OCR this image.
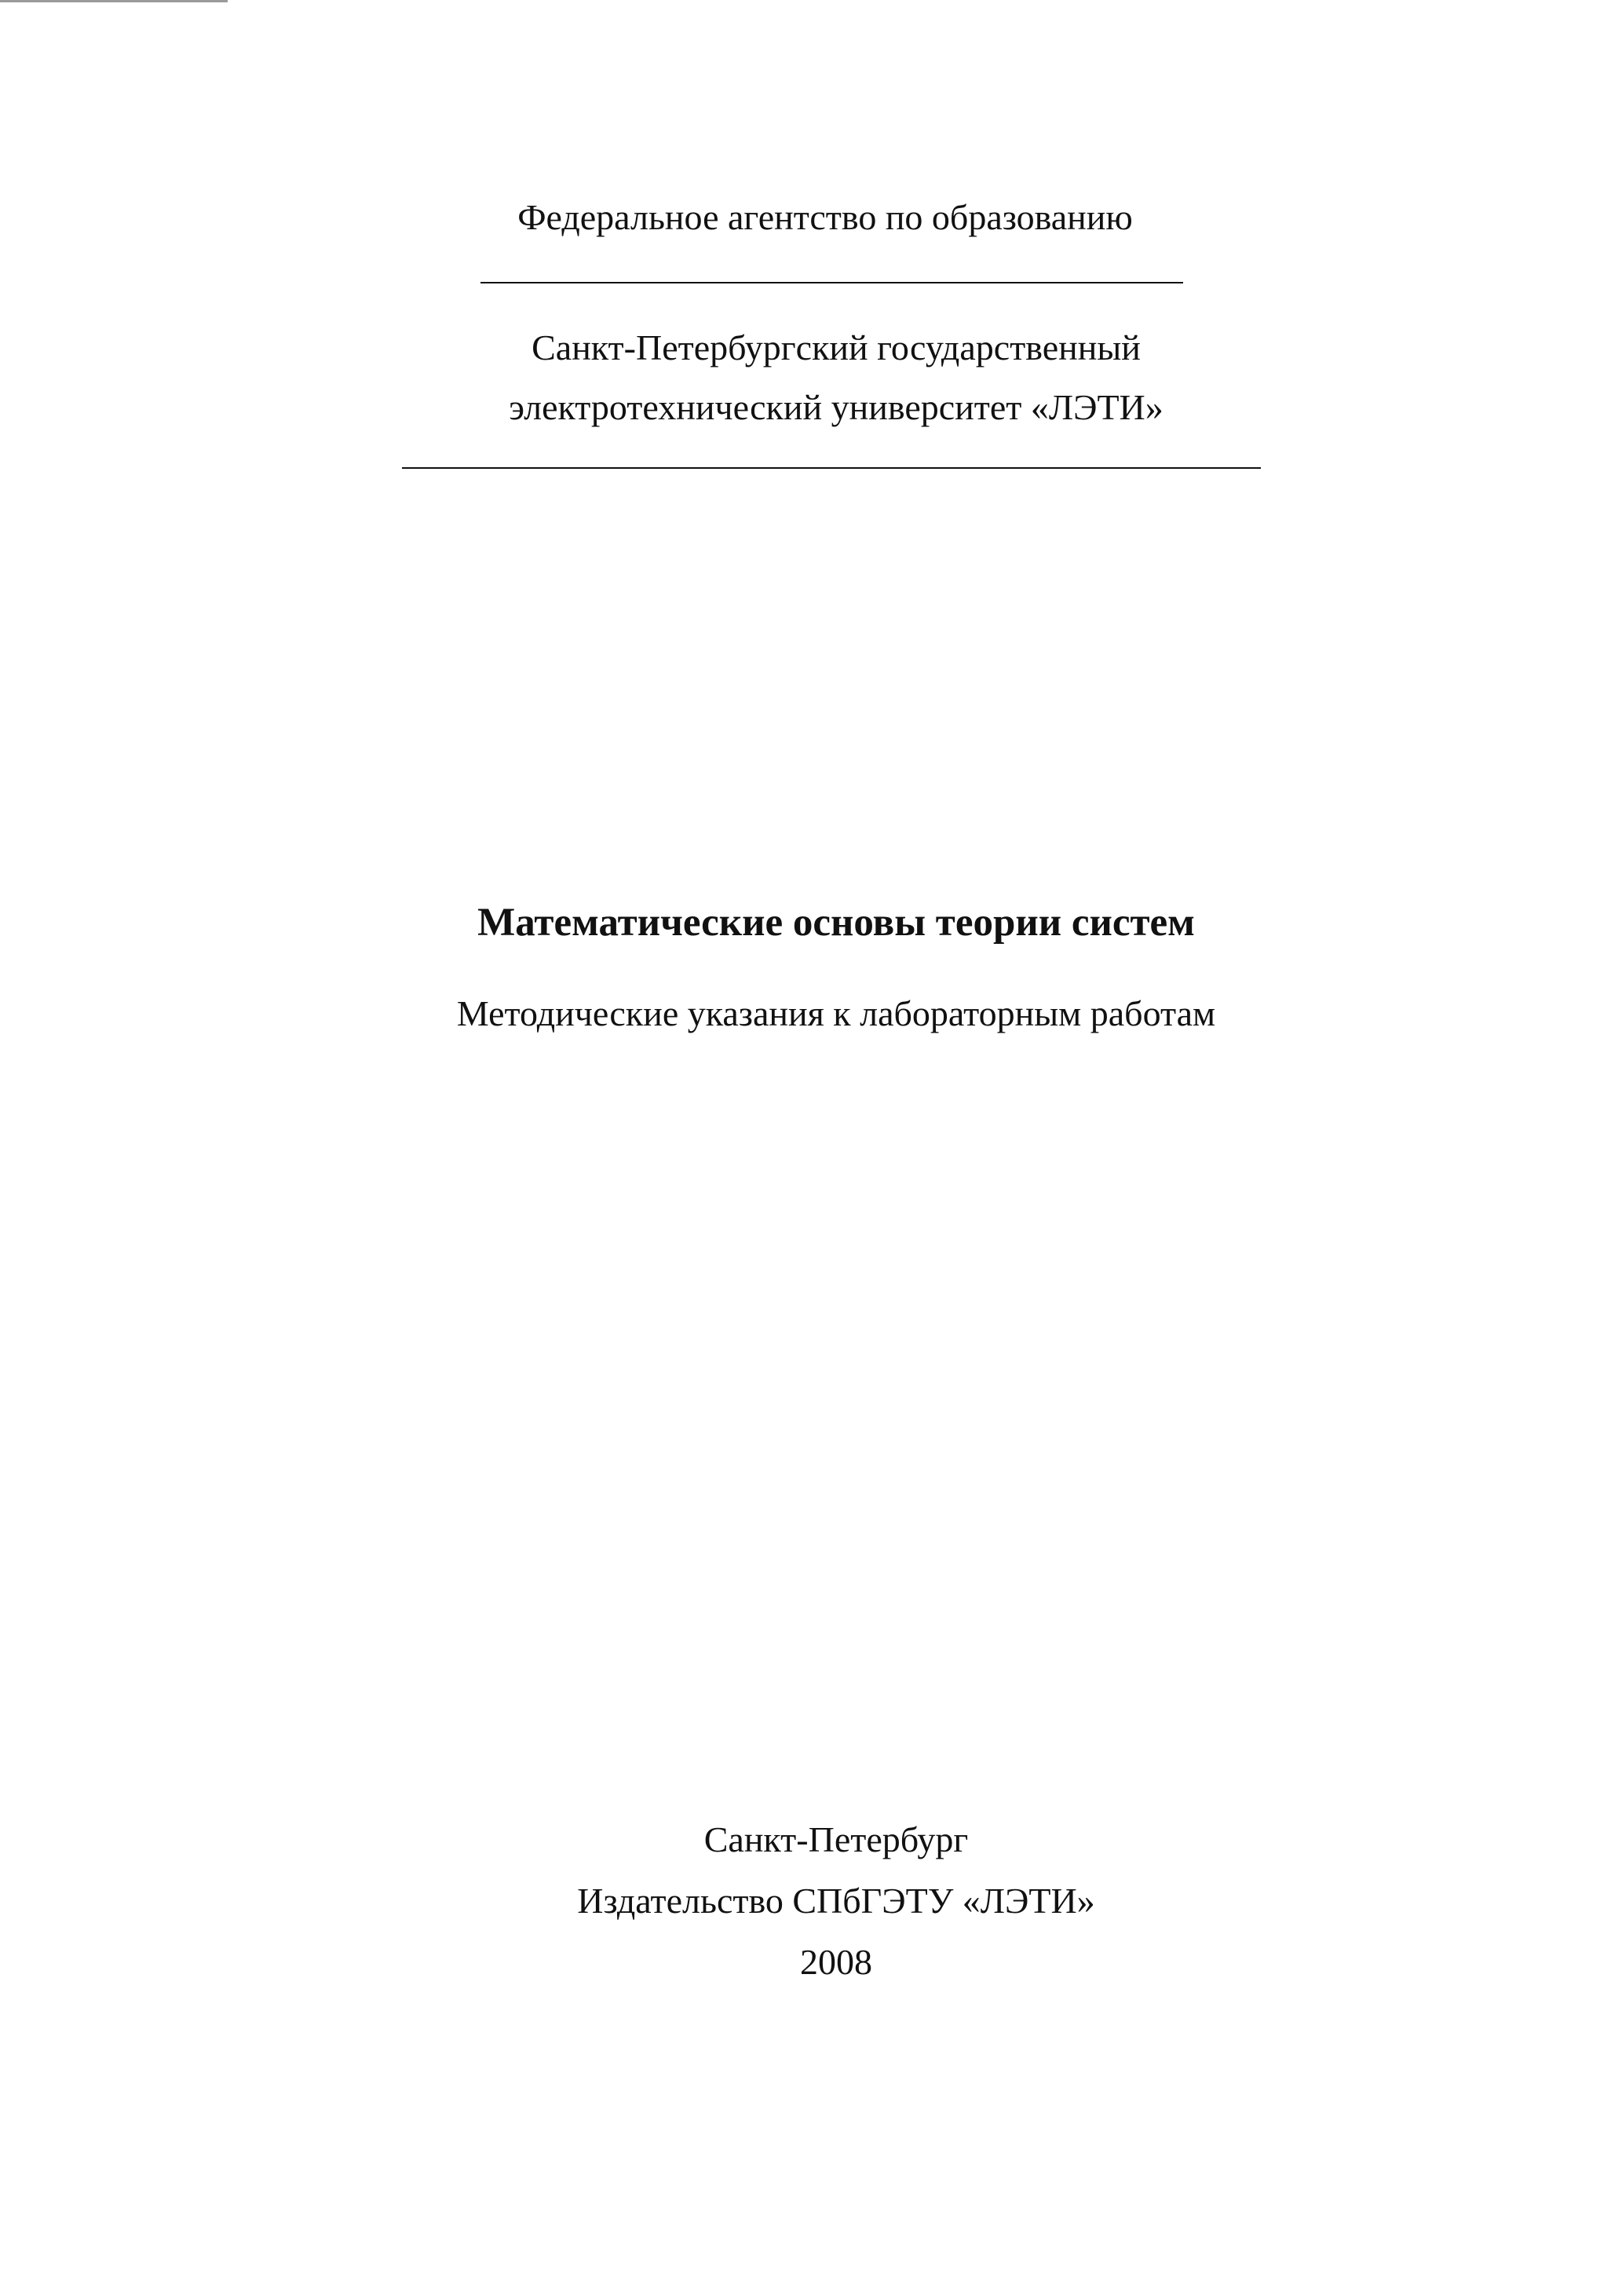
Федеральное агентство по образованию
Санкт-Петербургский государственный
электротехнический университет «ЛЭТИ»
Математические основы теории систем
Методические указания к лабораторным работам
Санкт-Петербург
Издательство СПбГЭТУ «ЛЭТИ»
2008
